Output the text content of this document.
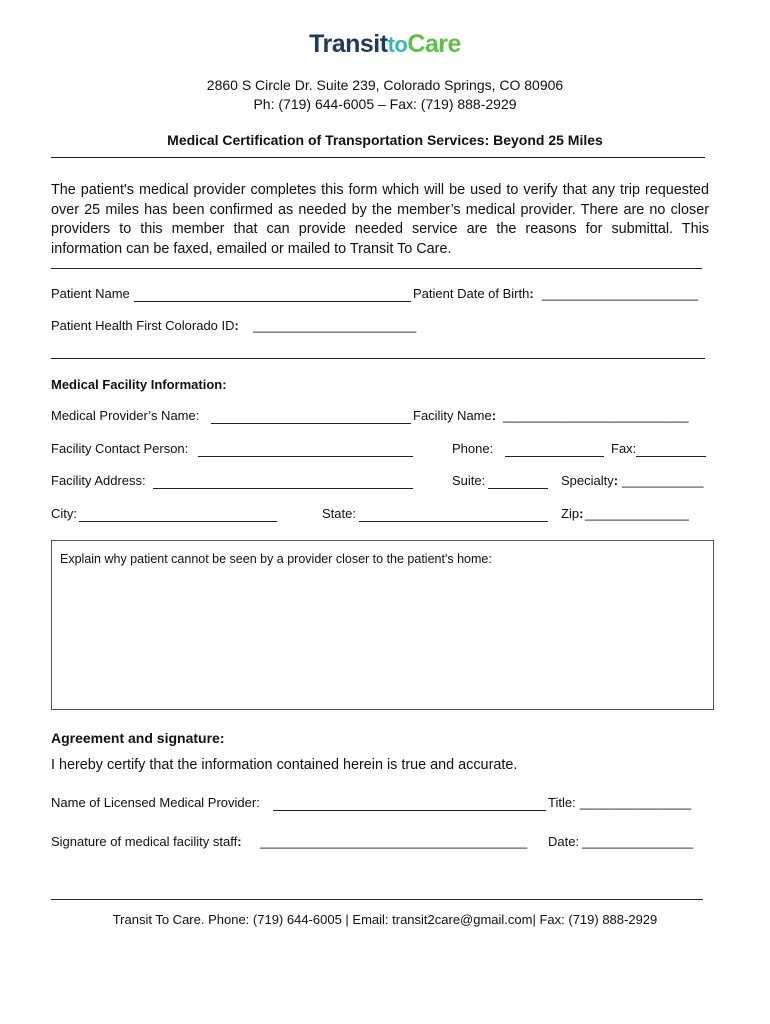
TransittoCare
2860 S Circle Dr. Suite 239, Colorado Springs, CO 80906
Ph: (719) 644-6005 – Fax: (719) 888-2929
Medical Certification of Transportation Services: Beyond 25 Miles
The patient's medical provider completes this form which will be used to verify that any trip requested over 25 miles has been confirmed as needed by the member’s medical provider. There are no closer providers to this member that can provide needed service are the reasons for submittal. This information can be faxed, emailed or mailed to Transit To Care.
Patient Name	Patient Date of Birth: _____________________
Patient Health First Colorado ID: ______________________
Medical Facility Information:
Medical Provider’s Name:	Facility Name: _________________________
Facility Contact Person:	Phone:	Fax:
Facility Address:	Suite:	Specialty: ___________
City:	State:	Zip: ______________
Explain why patient cannot be seen by a provider closer to the patient's home:
Agreement and signature:
I hereby certify that the information contained herein is true and accurate.
Name of Licensed Medical Provider:	Title: _______________
Signature of medical facility staff: ____________________________________ Date: _______________
Transit To Care. Phone: (719) 644-6005 | Email: transit2care@gmail.com| Fax: (719) 888-2929
